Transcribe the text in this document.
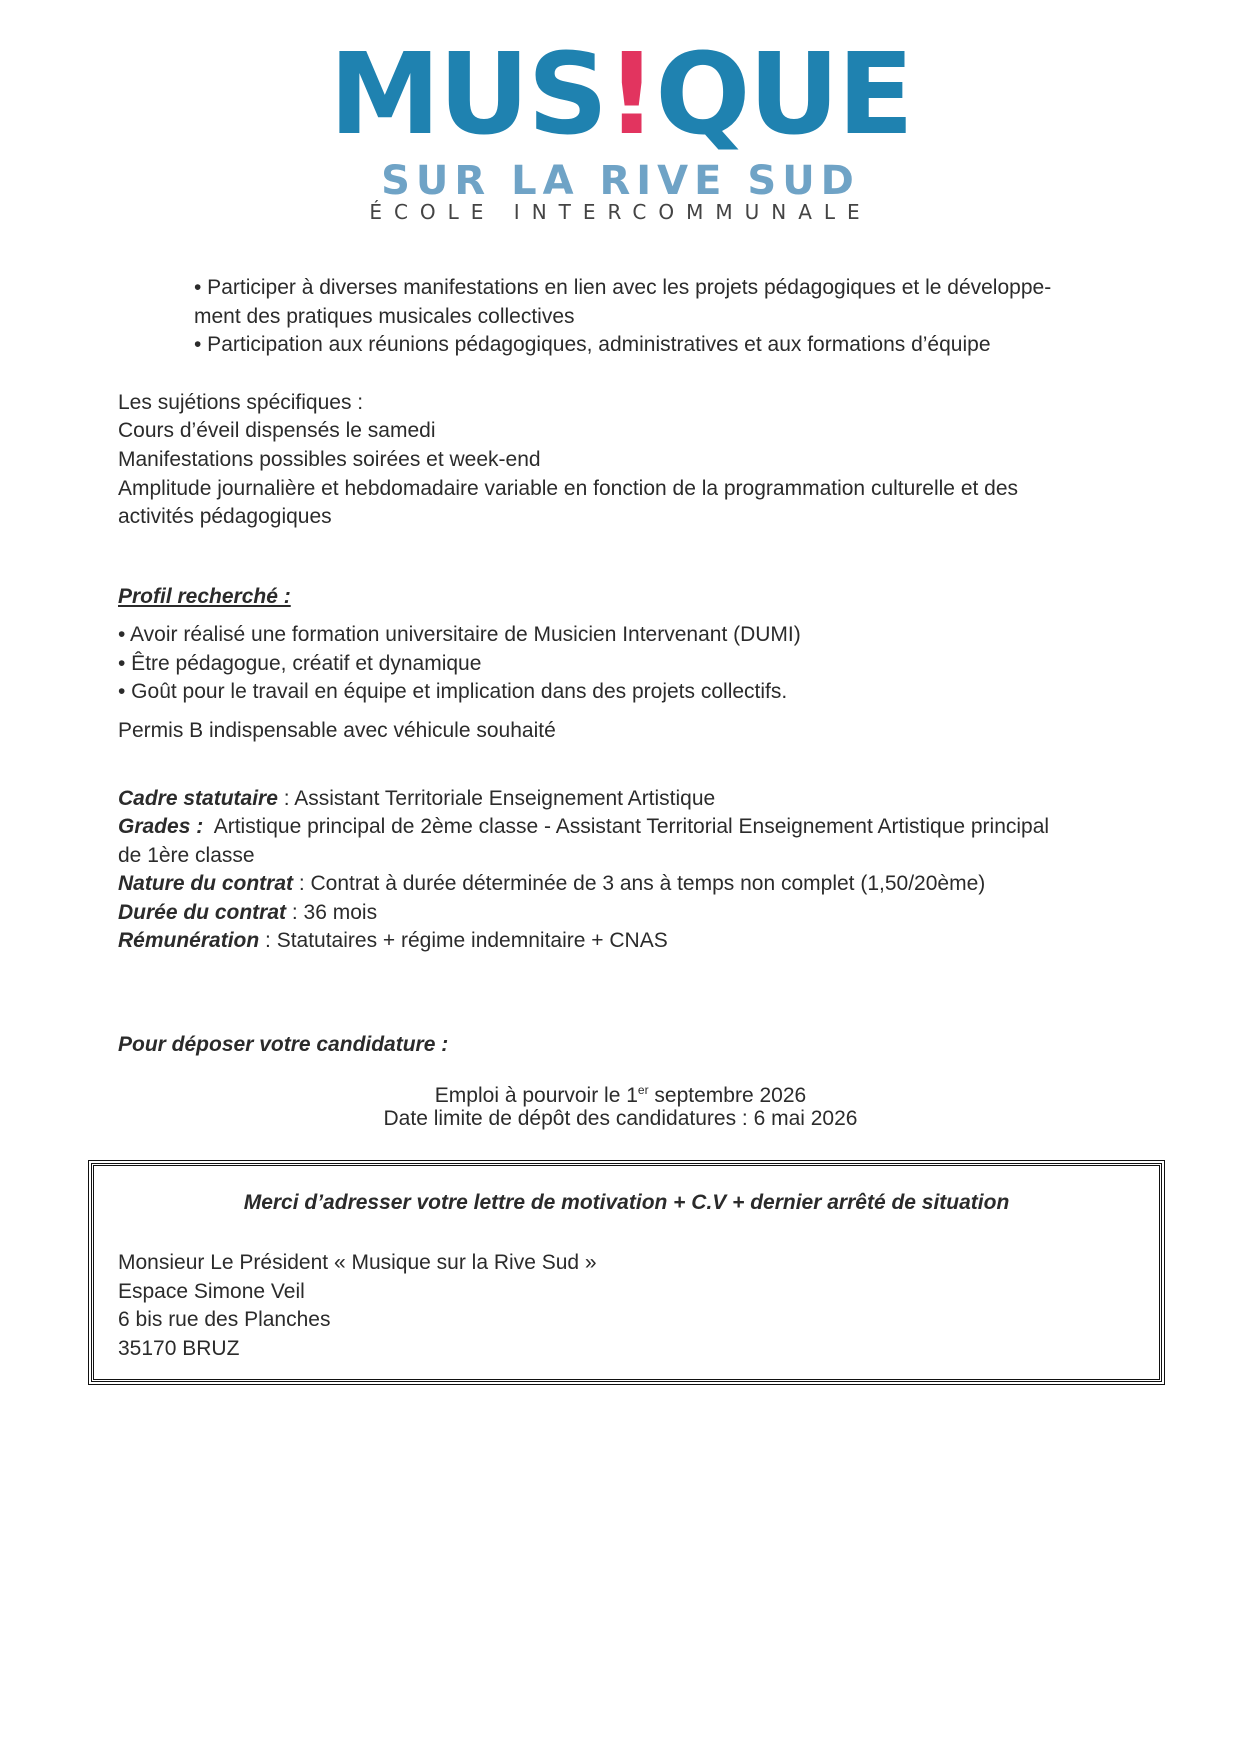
MUS!QUE
SUR LA RIVE SUD
ÉCOLE INTERCOMMUNALE
• Participer à diverses manifestations en lien avec les projets pédagogiques et le développe-
ment des pratiques musicales collectives
• Participation aux réunions pédagogiques, administratives et aux formations d’équipe
Les sujétions spécifiques :
Cours d’éveil dispensés le samedi
Manifestations possibles soirées et week-end
Amplitude journalière et hebdomadaire variable en fonction de la programmation culturelle et des
activités pédagogiques
Profil recherché :
• Avoir réalisé une formation universitaire de Musicien Intervenant (DUMI)
• Être pédagogue, créatif et dynamique
• Goût pour le travail en équipe et implication dans des projets collectifs.
Permis B indispensable avec véhicule souhaité
Cadre statutaire : Assistant Territoriale Enseignement Artistique
Grades :  Artistique principal de 2ème classe - Assistant Territorial Enseignement Artistique principal
de 1ère classe
Nature du contrat : Contrat à durée déterminée de 3 ans à temps non complet (1,50/20ème)
Durée du contrat : 36 mois
Rémunération : Statutaires + régime indemnitaire + CNAS
Pour déposer votre candidature :
Emploi à pourvoir le 1er septembre 2026
Date limite de dépôt des candidatures : 6 mai 2026
Merci d’adresser votre lettre de motivation + C.V + dernier arrêté de situation
Monsieur Le Président « Musique sur la Rive Sud »
Espace Simone Veil
6 bis rue des Planches
35170 BRUZ
